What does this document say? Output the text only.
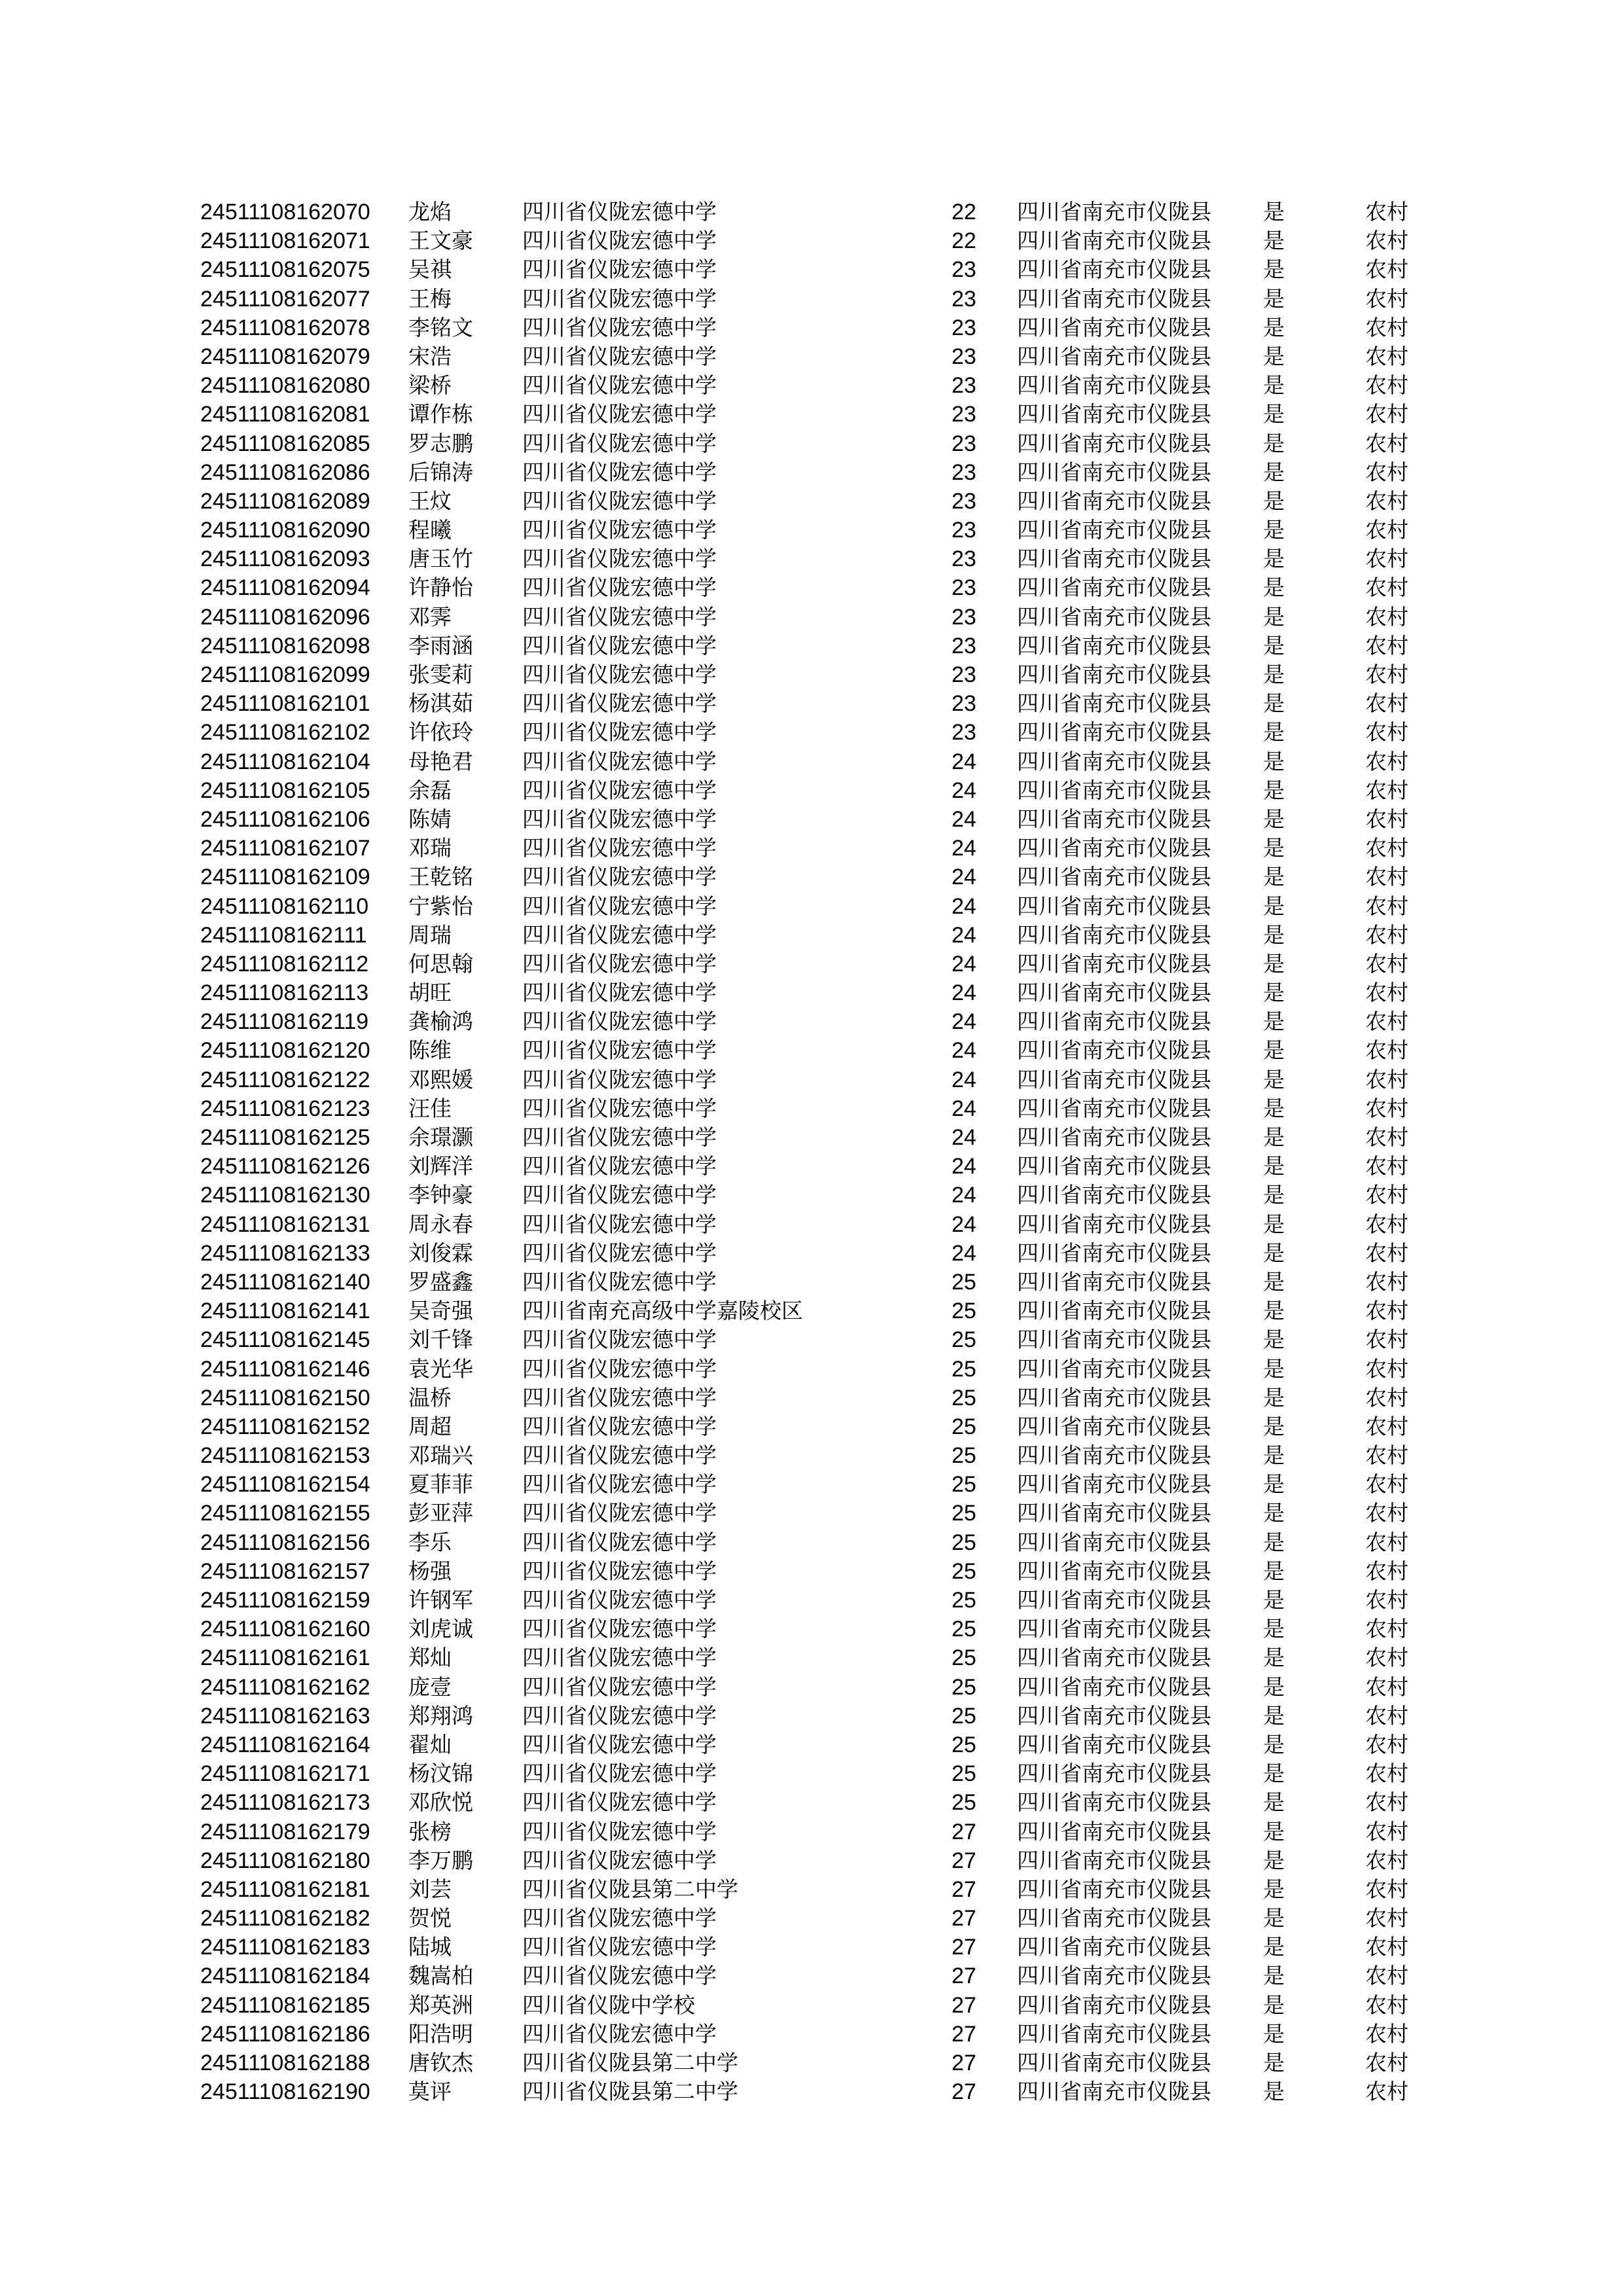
24511108162070 龙焰	四川省仪陇宏德中学	22 四川省南充市仪陇县 是	农村
24511108162071 王文豪 四川省仪陇宏德中学	22 四川省南充市仪陇县 是	农村
24511108162075 吴祺	四川省仪陇宏德中学	23 四川省南充市仪陇县 是	农村
24511108162077 王梅	四川省仪陇宏德中学	23 四川省南充市仪陇县 是	农村
24511108162078 李铭文 四川省仪陇宏德中学	23 四川省南充市仪陇县 是	农村
24511108162079 宋浩	四川省仪陇宏德中学	23 四川省南充市仪陇县 是	农村
24511108162080 梁桥	四川省仪陇宏德中学	23 四川省南充市仪陇县 是	农村
24511108162081 谭作栋 四川省仪陇宏德中学	23 四川省南充市仪陇县 是	农村
24511108162085 罗志鹏 四川省仪陇宏德中学	23 四川省南充市仪陇县 是	农村
24511108162086 后锦涛 四川省仪陇宏德中学	23 四川省南充市仪陇县 是	农村
24511108162089 王炆	四川省仪陇宏德中学	23 四川省南充市仪陇县 是	农村
24511108162090 程曦	四川省仪陇宏德中学	23 四川省南充市仪陇县 是	农村
24511108162093 唐玉竹 四川省仪陇宏德中学	23 四川省南充市仪陇县 是	农村
24511108162094 许静怡 四川省仪陇宏德中学	23 四川省南充市仪陇县 是	农村
24511108162096 邓霁	四川省仪陇宏德中学	23 四川省南充市仪陇县 是	农村
24511108162098 李雨涵 四川省仪陇宏德中学	23 四川省南充市仪陇县 是	农村
24511108162099 张雯莉 四川省仪陇宏德中学	23 四川省南充市仪陇县 是	农村
24511108162101 杨淇茹 四川省仪陇宏德中学	23 四川省南充市仪陇县 是	农村
24511108162102 许依玲 四川省仪陇宏德中学	23 四川省南充市仪陇县 是	农村
24511108162104 母艳君 四川省仪陇宏德中学	24 四川省南充市仪陇县 是	农村
24511108162105 余磊	四川省仪陇宏德中学	24 四川省南充市仪陇县 是	农村
24511108162106 陈婧	四川省仪陇宏德中学	24 四川省南充市仪陇县 是	农村
24511108162107 邓瑞	四川省仪陇宏德中学	24 四川省南充市仪陇县 是	农村
24511108162109 王乾铭 四川省仪陇宏德中学	24 四川省南充市仪陇县 是	农村
24511108162110 宁紫怡 四川省仪陇宏德中学	24 四川省南充市仪陇县 是	农村
24511108162111 周瑞	四川省仪陇宏德中学	24 四川省南充市仪陇县 是	农村
24511108162112 何思翰 四川省仪陇宏德中学	24 四川省南充市仪陇县 是	农村
24511108162113 胡旺	四川省仪陇宏德中学	24 四川省南充市仪陇县 是	农村
24511108162119 龚榆鸿 四川省仪陇宏德中学	24 四川省南充市仪陇县 是	农村
24511108162120 陈维	四川省仪陇宏德中学	24 四川省南充市仪陇县 是	农村
24511108162122 邓熙媛 四川省仪陇宏德中学	24 四川省南充市仪陇县 是	农村
24511108162123 汪佳	四川省仪陇宏德中学	24 四川省南充市仪陇县 是	农村
24511108162125 余璟灏 四川省仪陇宏德中学	24 四川省南充市仪陇县 是	农村
24511108162126 刘辉洋 四川省仪陇宏德中学	24 四川省南充市仪陇县 是	农村
24511108162130 李钟豪 四川省仪陇宏德中学	24 四川省南充市仪陇县 是	农村
24511108162131 周永春 四川省仪陇宏德中学	24 四川省南充市仪陇县 是	农村
24511108162133 刘俊霖 四川省仪陇宏德中学	24 四川省南充市仪陇县 是	农村
24511108162140 罗盛鑫 四川省仪陇宏德中学	25 四川省南充市仪陇县 是	农村
24511108162141 吴奇强 四川省南充高级中学嘉陵校区	25 四川省南充市仪陇县 是	农村
24511108162145 刘千锋 四川省仪陇宏德中学	25 四川省南充市仪陇县 是	农村
24511108162146 袁光华 四川省仪陇宏德中学	25 四川省南充市仪陇县 是	农村
24511108162150 温桥	四川省仪陇宏德中学	25 四川省南充市仪陇县 是	农村
24511108162152 周超	四川省仪陇宏德中学	25 四川省南充市仪陇县 是	农村
24511108162153 邓瑞兴 四川省仪陇宏德中学	25 四川省南充市仪陇县 是	农村
24511108162154 夏菲菲 四川省仪陇宏德中学	25 四川省南充市仪陇县 是	农村
24511108162155 彭亚萍 四川省仪陇宏德中学	25 四川省南充市仪陇县 是	农村
24511108162156 李乐	四川省仪陇宏德中学	25 四川省南充市仪陇县 是	农村
24511108162157 杨强	四川省仪陇宏德中学	25 四川省南充市仪陇县 是	农村
24511108162159 许钢军 四川省仪陇宏德中学	25 四川省南充市仪陇县 是	农村
24511108162160 刘虎诚 四川省仪陇宏德中学	25 四川省南充市仪陇县 是	农村
24511108162161 郑灿	四川省仪陇宏德中学	25 四川省南充市仪陇县 是	农村
24511108162162 庞壹	四川省仪陇宏德中学	25 四川省南充市仪陇县 是	农村
24511108162163 郑翔鸿 四川省仪陇宏德中学	25 四川省南充市仪陇县 是	农村
24511108162164 翟灿	四川省仪陇宏德中学	25 四川省南充市仪陇县 是	农村
24511108162171 杨汶锦 四川省仪陇宏德中学	25 四川省南充市仪陇县 是	农村
24511108162173 邓欣悦 四川省仪陇宏德中学	25 四川省南充市仪陇县 是	农村
24511108162179 张榜	四川省仪陇宏德中学	27 四川省南充市仪陇县 是	农村
24511108162180 李万鹏 四川省仪陇宏德中学	27 四川省南充市仪陇县 是	农村
24511108162181 刘芸	四川省仪陇县第二中学	27 四川省南充市仪陇县 是	农村
24511108162182 贺悦	四川省仪陇宏德中学	27 四川省南充市仪陇县 是	农村
24511108162183 陆城	四川省仪陇宏德中学	27 四川省南充市仪陇县 是	农村
24511108162184 魏嵩柏 四川省仪陇宏德中学	27 四川省南充市仪陇县 是	农村
24511108162185 郑英洲 四川省仪陇中学校	27 四川省南充市仪陇县 是	农村
24511108162186 阳浩明 四川省仪陇宏德中学	27 四川省南充市仪陇县 是	农村
24511108162188 唐钦杰 四川省仪陇县第二中学	27 四川省南充市仪陇县 是	农村
24511108162190 莫评	四川省仪陇县第二中学	27 四川省南充市仪陇县 是	农村
